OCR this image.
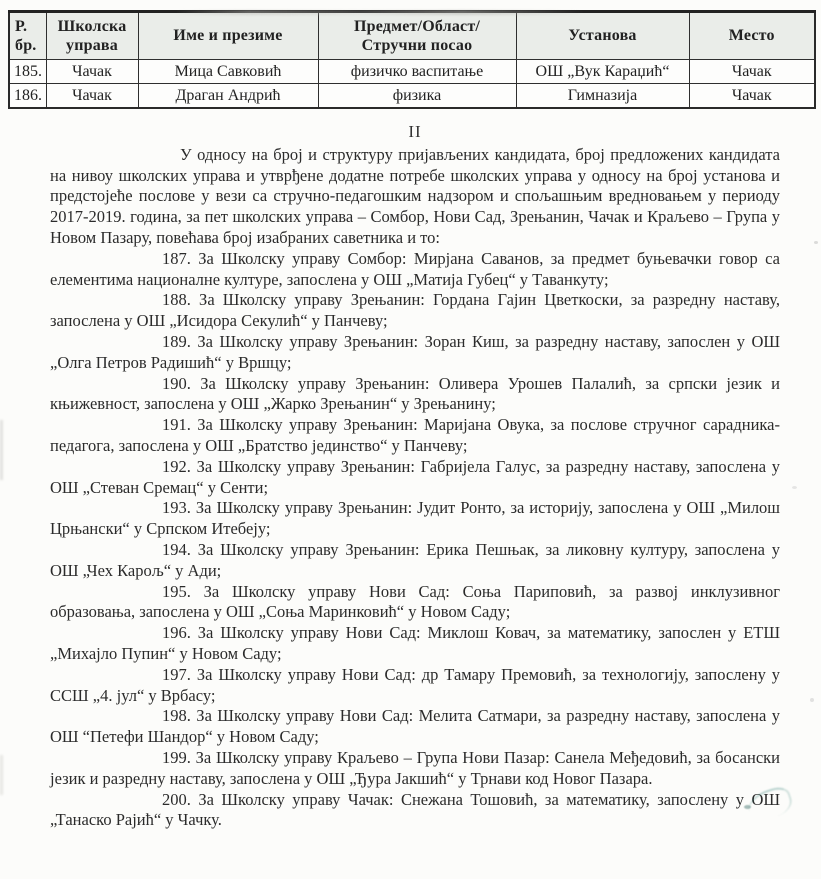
Р. бр.	Школска управа	Име и презиме	Предмет/Област/ Стручни посао	Установа	Место
185.	Чачак	Мица Савковић	физичко васпитање	ОШ „Вук Караџић“	Чачак
186.	Чачак	Драган Андрић	физика	Гимназија	Чачак
II

У односу на број и структуру пријављених кандидата, број предложених кандидата на нивоу школских управа и утврђене додатне потребе школских управа у односу на број установа и предстојеће послове у вези са стручно-педагошким надзором и спољашњим вредновањем у периоду 2017-2019. година, за пет школских управа – Сомбор, Нови Сад, Зрењанин, Чачак и Краљево – Група у Новом Пазару, повећава број изабраних саветника и то:

187. За Школску управу Сомбор: Мирјана Саванов, за предмет буњевачки говор са елементима националне културе, запослена у ОШ „Матија Губец“ у Таванкуту;

188. За Школску управу Зрењанин: Гордана Гајин Цветкоски, за разредну наставу, запослена у ОШ „Исидора Секулић“ у Панчеву;

189. За Школску управу Зрењанин: Зоран Киш, за разредну наставу, запослен у ОШ „Олга Петров Радишић“ у Вршцу;

190. За Школску управу Зрењанин: Оливера Урошев Палалић, за српски језик и књижевност, запослена у ОШ „Жарко Зрењанин“ у Зрењанину;

191. За Школску управу Зрењанин: Маријана Овука, за послове стручног сарадника-педагога, запослена у ОШ „Братство јединство“ у Панчеву;

192. За Школску управу Зрењанин: Габријела Галус, за разредну наставу, запослена у ОШ „Стеван Сремац“ у Сенти;

193. За Школску управу Зрењанин: Јудит Ронто, за историју, запослена у ОШ „Милош Црњански“ у Српском Итебеју;

194. За Школску управу Зрењанин: Ерика Пешњак, за ликовну културу, запослена у ОШ „Чех Карољ“ у Ади;

195. За Школску управу Нови Сад: Соња Париповић, за развој инклузивног образовања, запослена у ОШ „Соња Маринковић“ у Новом Саду;

196. За Школску управу Нови Сад: Миклош Ковач, за математику, запослен у ЕТШ „Михајло Пупин“ у Новом Саду;

197. За Школску управу Нови Сад: др Тамару Премовић, за технологију, запослену у ССШ „4. јул“ у Врбасу;

198. За Школску управу Нови Сад: Мелита Сатмари, за разредну наставу, запослена у ОШ “Петефи Шандор“ у Новом Саду;

199. За Школску управу Краљево – Група Нови Пазар: Санела Међедовић, за босански језик и разредну наставу, запослена у ОШ „Ђура Јакшић“ у Трнави код Новог Пазара.

200. За Школску управу Чачак: Снежана Тошовић, за математику, запослену у ОШ „Танаско Рајић“ у Чачку.
